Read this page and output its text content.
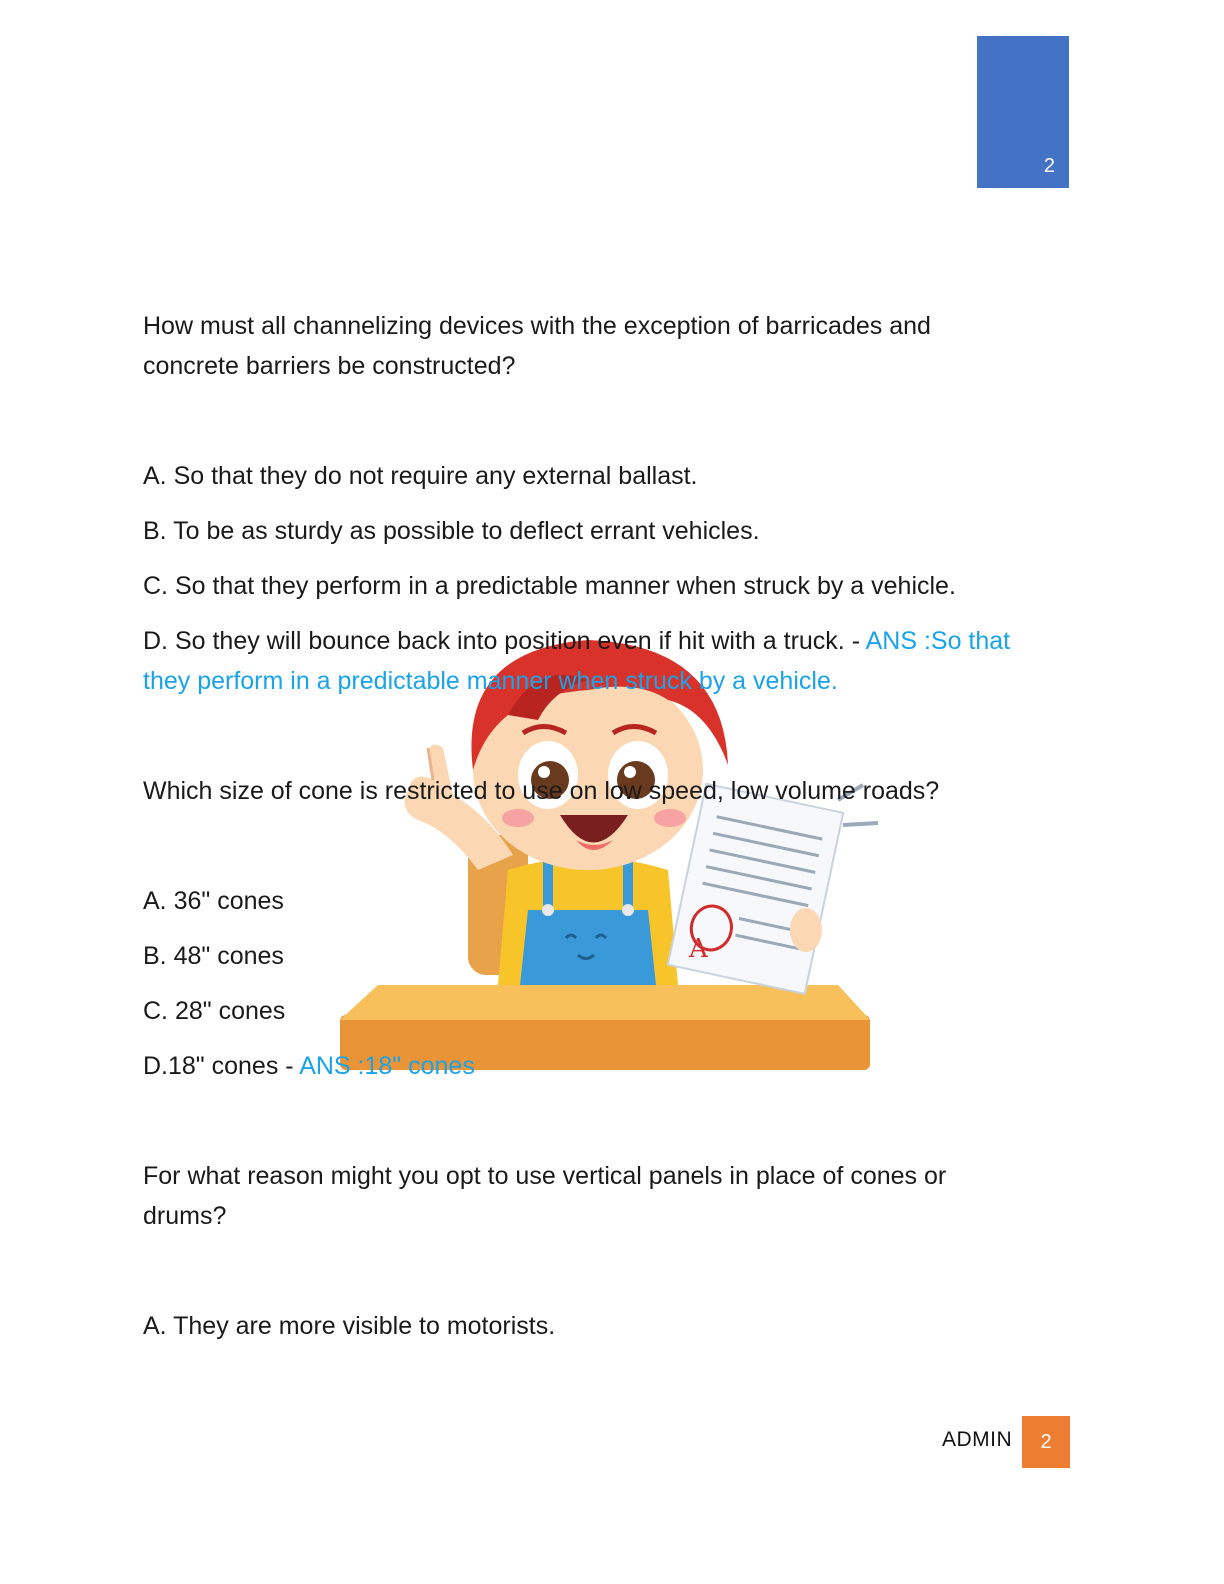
2
A

How must all channelizing devices with the exception of barricades and

concrete barriers be constructed?

A. So that they do not require any external ballast.

B. To be as sturdy as possible to deflect errant vehicles.

C. So that they perform in a predictable manner when struck by a vehicle.

D. So they will bounce back into position even if hit with a truck. - ANS :So that

they perform in a predictable manner when struck by a vehicle.

Which size of cone is restricted to use on low speed, low volume roads?

A. 36" cones

B. 48" cones

C. 28" cones

D.18" cones - ANS :18" cones

For what reason might you opt to use vertical panels in place of cones or

drums?

A. They are more visible to motorists.

ADMIN 2
